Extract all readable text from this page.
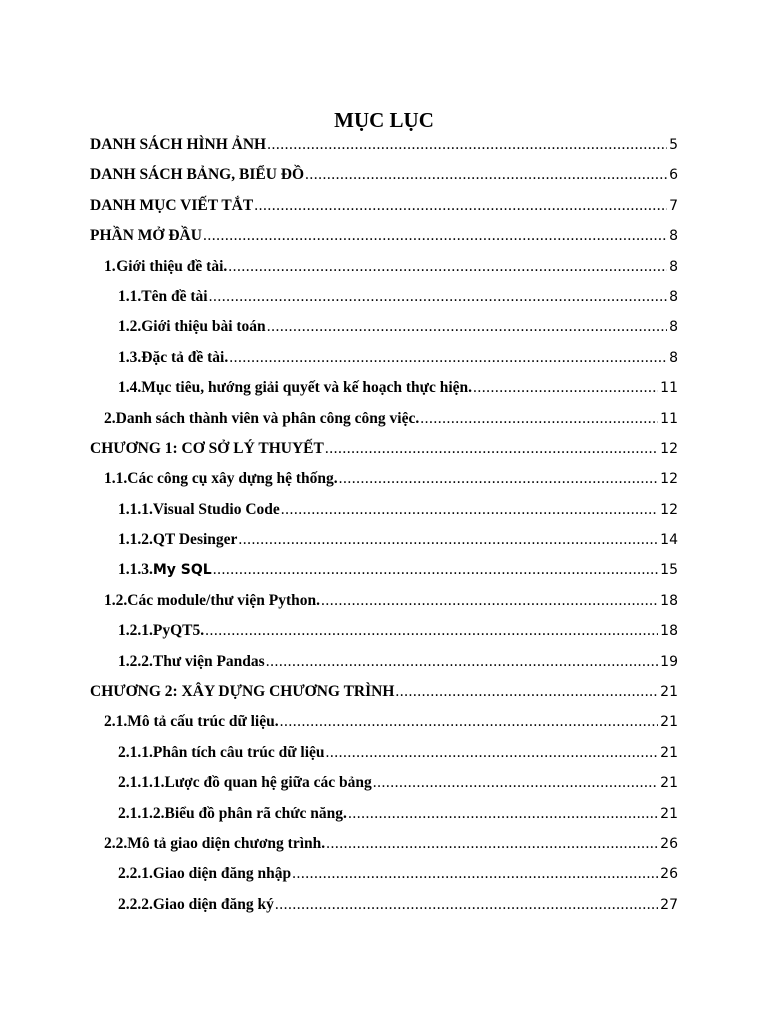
MỤC LỤC
DANH SÁCH HÌNH ẢNH .....	5
DANH SÁCH BẢNG, BIỂU ĐỒ .....	6
DANH MỤC VIẾT TẮT .....	7
PHẦN MỞ ĐẦU .....	8
1. Giới thiệu đề tài. .....	8
1.1. Tên đề tài .....	8
1.2. Giới thiệu bài toán .....	8
1.3. Đặc tả đề tài. .....	8
1.4. Mục tiêu, hướng giải quyết và kế hoạch thực hiện. .....	11
2. Danh sách thành viên và phân công công việc. .....	11
CHƯƠNG 1: CƠ SỞ LÝ THUYẾT .....	12
1.1. Các công cụ xây dựng hệ thống. .....	12
1.1.1. Visual Studio Code .....	12
1.1.2. QT Desinger .....	14
1.1.3. My SQL .....	15
1.2. Các module/thư viện Python. .....	18
1.2.1. PyQT5. .....	18
1.2.2. Thư viện Pandas .....	19
CHƯƠNG 2: XÂY DỰNG CHƯƠNG TRÌNH .....	21
2.1. Mô tả cấu trúc dữ liệu. .....	21
2.1.1. Phân tích câu trúc dữ liệu .....	21
2.1.1.1. Lược đồ quan hệ giữa các bảng .....	21
2.1.1.2. Biểu đồ phân rã chức năng. .....	21
2.2. Mô tả giao diện chương trình. .....	26
2.2.1. Giao diện đăng nhập .....	26
2.2.2. Giao diện đăng ký .....	27
